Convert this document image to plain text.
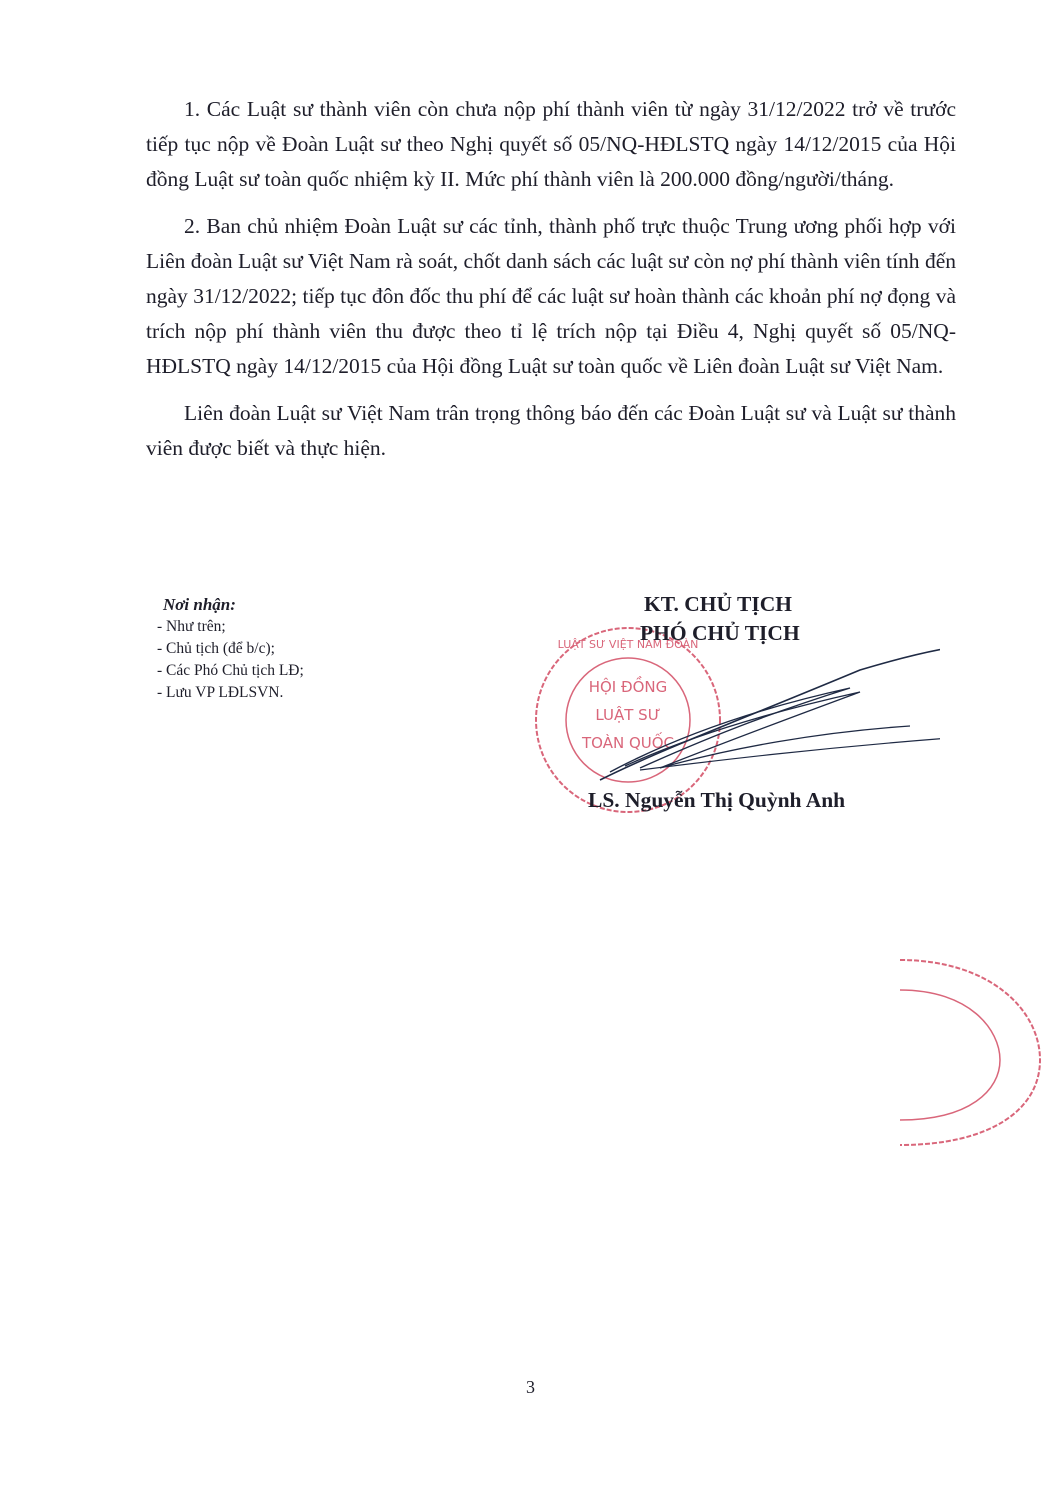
1. Các Luật sư thành viên còn chưa nộp phí thành viên từ ngày 31/12/2022 trở về trước tiếp tục nộp về Đoàn Luật sư theo Nghị quyết số 05/NQ-HĐLSTQ ngày 14/12/2015 của Hội đồng Luật sư toàn quốc nhiệm kỳ II. Mức phí thành viên là 200.000 đồng/người/tháng.

2. Ban chủ nhiệm Đoàn Luật sư các tỉnh, thành phố trực thuộc Trung ương phối hợp với Liên đoàn Luật sư Việt Nam rà soát, chốt danh sách các luật sư còn nợ phí thành viên tính đến ngày 31/12/2022; tiếp tục đôn đốc thu phí để các luật sư hoàn thành các khoản phí nợ đọng và trích nộp phí thành viên thu được theo tỉ lệ trích nộp tại Điều 4, Nghị quyết số 05/NQ-HĐLSTQ ngày 14/12/2015 của Hội đồng Luật sư toàn quốc về Liên đoàn Luật sư Việt Nam.

Liên đoàn Luật sư Việt Nam trân trọng thông báo đến các Đoàn Luật sư và Luật sư thành viên được biết và thực hiện.

Nơi nhận:
- Như trên;
- Chủ tịch (để b/c);
- Các Phó Chủ tịch LĐ;
- Lưu VP LĐLSVN.	HỘI ĐỒNG
LUẬT SƯ
TOÀN QUỐC
LUẬT SƯ VIỆT NAM ĐOÀN
KT. CHỦ TỊCH
PHÓ CHỦ TỊCH
LS. Nguyễn Thị Quỳnh Anh
3
